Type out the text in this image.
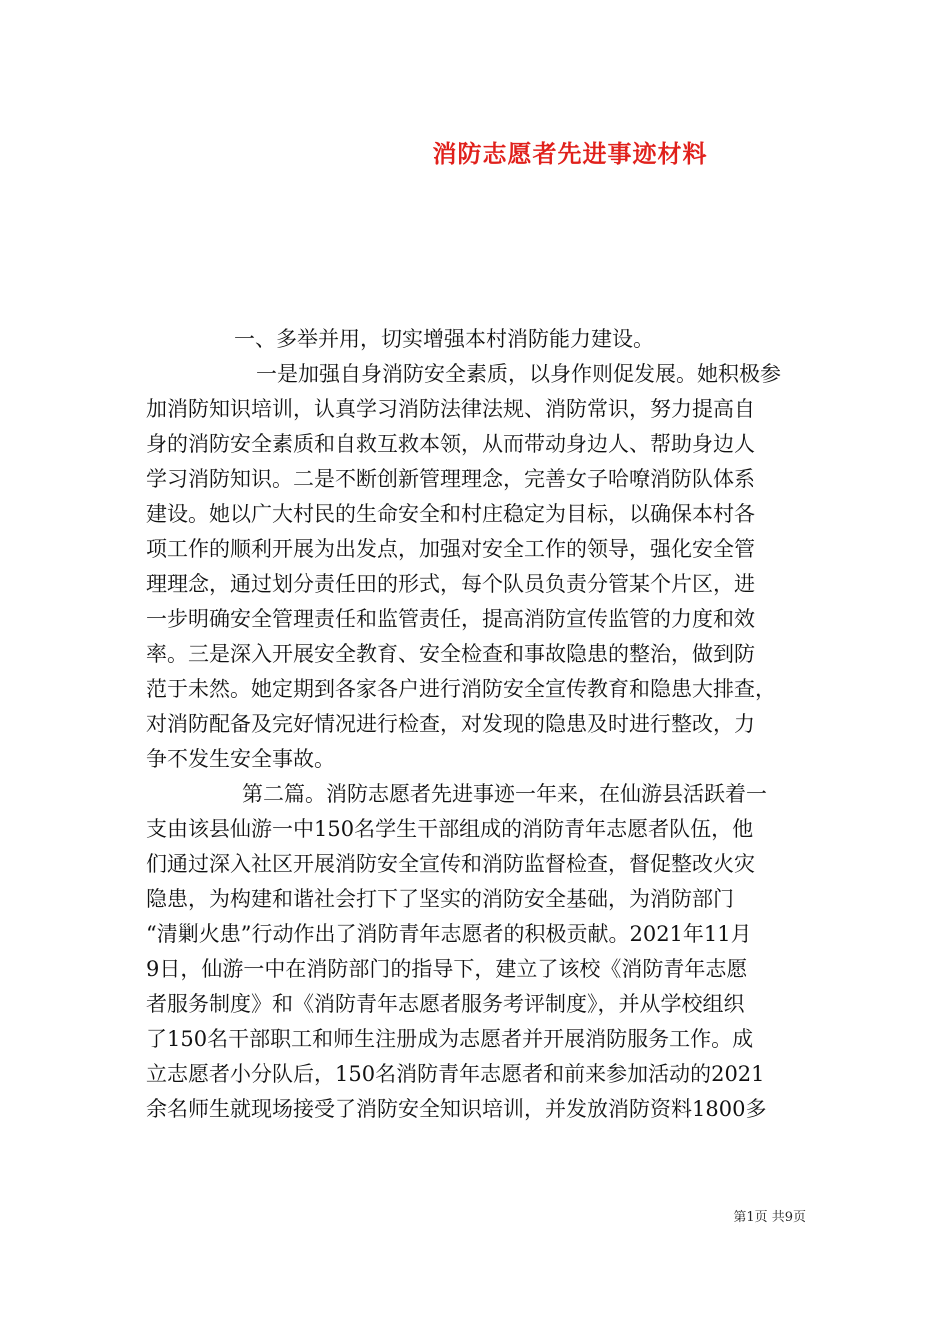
消防志愿者先进事迹材料
一、多举并用，切实增强本村消防能力建设。
一是加强自身消防安全素质，以身作则促发展。她积极参
加消防知识培训，认真学习消防法律法规、消防常识，努力提高自
身的消防安全素质和自救互救本领，从而带动身边人、帮助身边人
学习消防知识。二是不断创新管理理念，完善女子哈嘹消防队体系
建设。她以广大村民的生命安全和村庄稳定为目标，以确保本村各
项工作的顺利开展为出发点，加强对安全工作的领导，强化安全管
理理念，通过划分责任田的形式，每个队员负责分管某个片区，进
一步明确安全管理责任和监管责任，提高消防宣传监管的力度和效
率。三是深入开展安全教育、安全检查和事故隐患的整治，做到防
范于未然。她定期到各家各户进行消防安全宣传教育和隐患大排查，
对消防配备及完好情况进行检查，对发现的隐患及时进行整改，力
争不发生安全事故。
第二篇。消防志愿者先进事迹一年来，在仙游县活跃着一
支由该县仙游一中150名学生干部组成的消防青年志愿者队伍，他
们通过深入社区开展消防安全宣传和消防监督检查，督促整改火灾
隐患，为构建和谐社会打下了坚实的消防安全基础，为消防部门
“清剿火患”行动作出了消防青年志愿者的积极贡献。2021年11月
9日，仙游一中在消防部门的指导下，建立了该校《消防青年志愿
者服务制度》和《消防青年志愿者服务考评制度》，并从学校组织
了150名干部职工和师生注册成为志愿者并开展消防服务工作。成
立志愿者小分队后，150名消防青年志愿者和前来参加活动的2021
余名师生就现场接受了消防安全知识培训，并发放消防资料1800多
第1页 共9页
